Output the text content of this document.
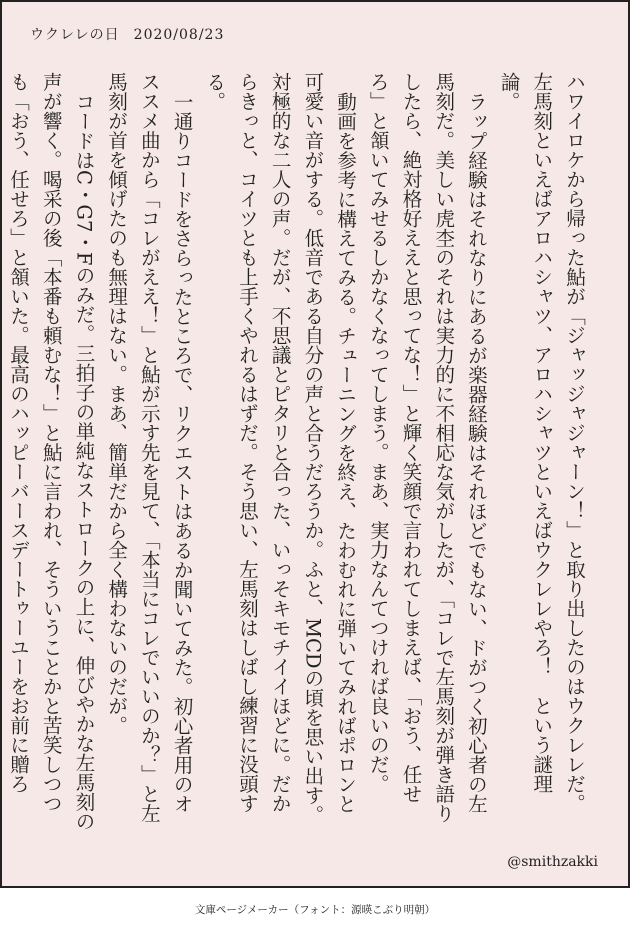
ウクレレの日 2020/08/23

ハワイロケから帰った鮎が「ジャッジャジャーン！」と取り出したのはウクレレだ。左馬刻といえばアロハシャツ、アロハシャツといえばウクレレやろ！　という謎理論。

ラップ経験はそれなりにあるが楽器経験はそれほどでもない、ドがつく初心者の左馬刻だ。美しい虎杢のそれは実力的に不相応な気がしたが、「コレで左馬刻が弾き語りしたら、絶対格好ええと思ってな！」と輝く笑顔で言われてしまえば、「おう、任せろ」と頷いてみせるしかなくなってしまう。まあ、実力なんてつければ良いのだ。

動画を参考に構えてみる。チューニングを終え、たわむれに弾いてみればポロンと可愛い音がする。低音である自分の声と合うだろうか。ふと、MCDの頃を思い出す。対極的な二人の声。だが、不思議とピタリと合った、いっそキモチイイほどに。だからきっと、コイツとも上手くやれるはずだ。そう思い、左馬刻はしばし練習に没頭する。

一通りコードをさらったところで、リクエストはあるか聞いてみた。初心者用のオススメ曲から「コレがええ！」と鮎が示す先を見て、「本当にコレでいいのか？」と左馬刻が首を傾げたのも無理はない。まあ、簡単だから全く構わないのだが。

コードはC・G7・Fのみだ。三拍子の単純なストロークの上に、伸びやかな左馬刻の声が響く。喝采の後「本番も頼むな！」と鮎に言われ、そういうことかと苦笑しつつも「おう、任せろ」と頷いた。最高のハッピーバースデートゥーユーをお前に贈ろ

@smithzakki
文庫ページメーカー（フォント：源暎こぶり明朝）
